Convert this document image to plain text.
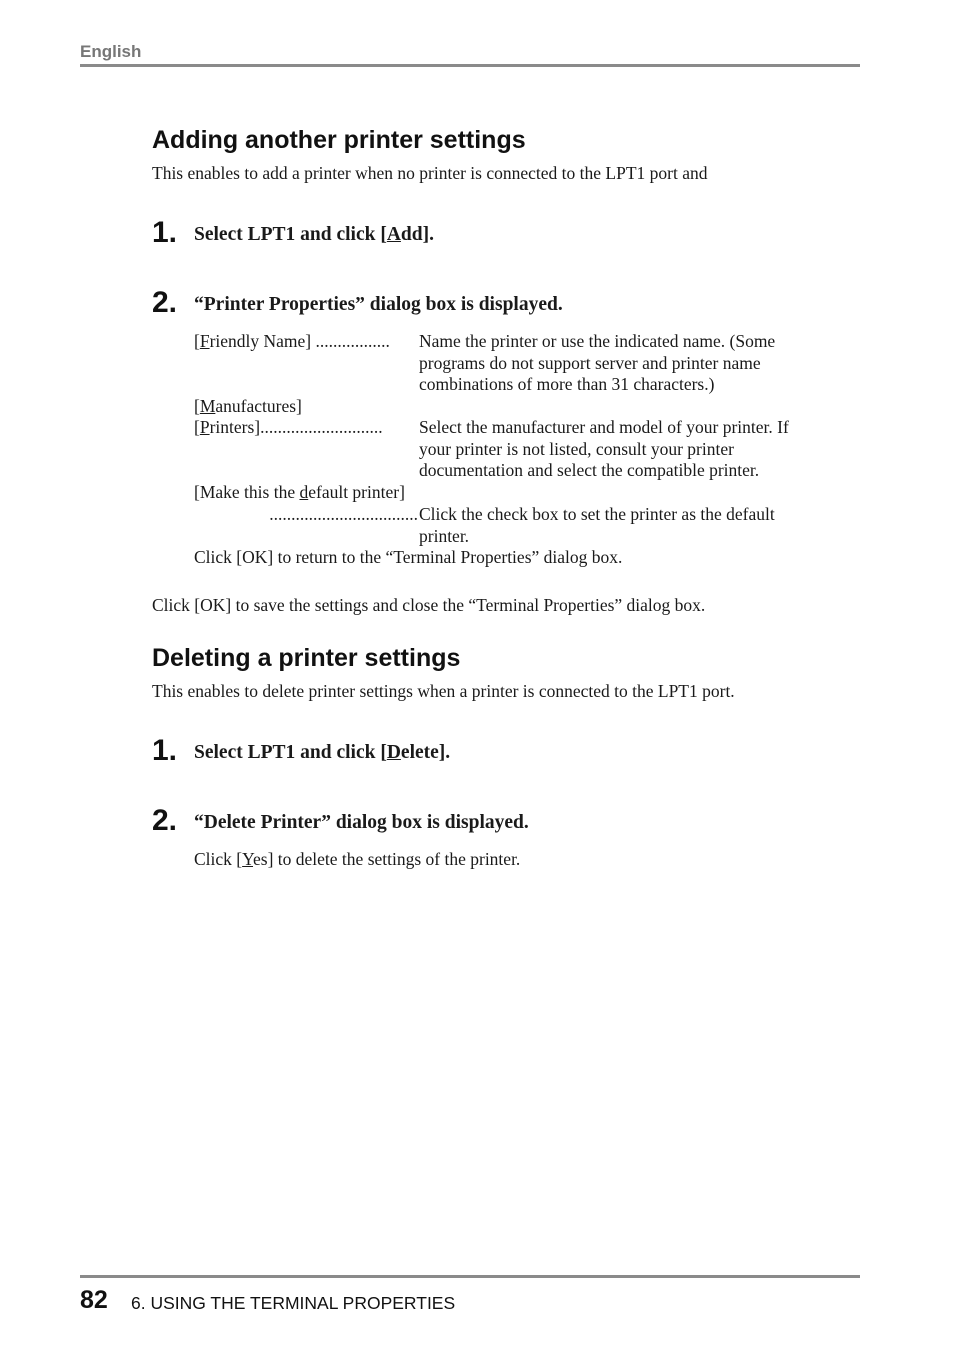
English
Adding another printer settings
This enables to add a printer when no printer is connected to the LPT1 port and
1. Select LPT1 and click [Add].
2. “Printer Properties” dialog box is displayed.
[Friendly Name] ................. Name the printer or use the indicated name. (Some
programs do not support server and printer name
combinations of more than 31 characters.)
[Manufactures]
[Printers]............................ Select the manufacturer and model of your printer. If
your printer is not listed, consult your printer
documentation and select the compatible printer.
[Make this the default printer]
.................................. Click the check box to set the printer as the default
printer.
Click [OK] to return to the “Terminal Properties” dialog box.
Click [OK] to save the settings and close the “Terminal Properties” dialog box.
Deleting a printer settings
This enables to delete printer settings when a printer is connected to the LPT1 port.
1. Select LPT1 and click [Delete].
2. “Delete Printer” dialog box is displayed.
Click [Yes] to delete the settings of the printer.
82 6. USING THE TERMINAL PROPERTIES
